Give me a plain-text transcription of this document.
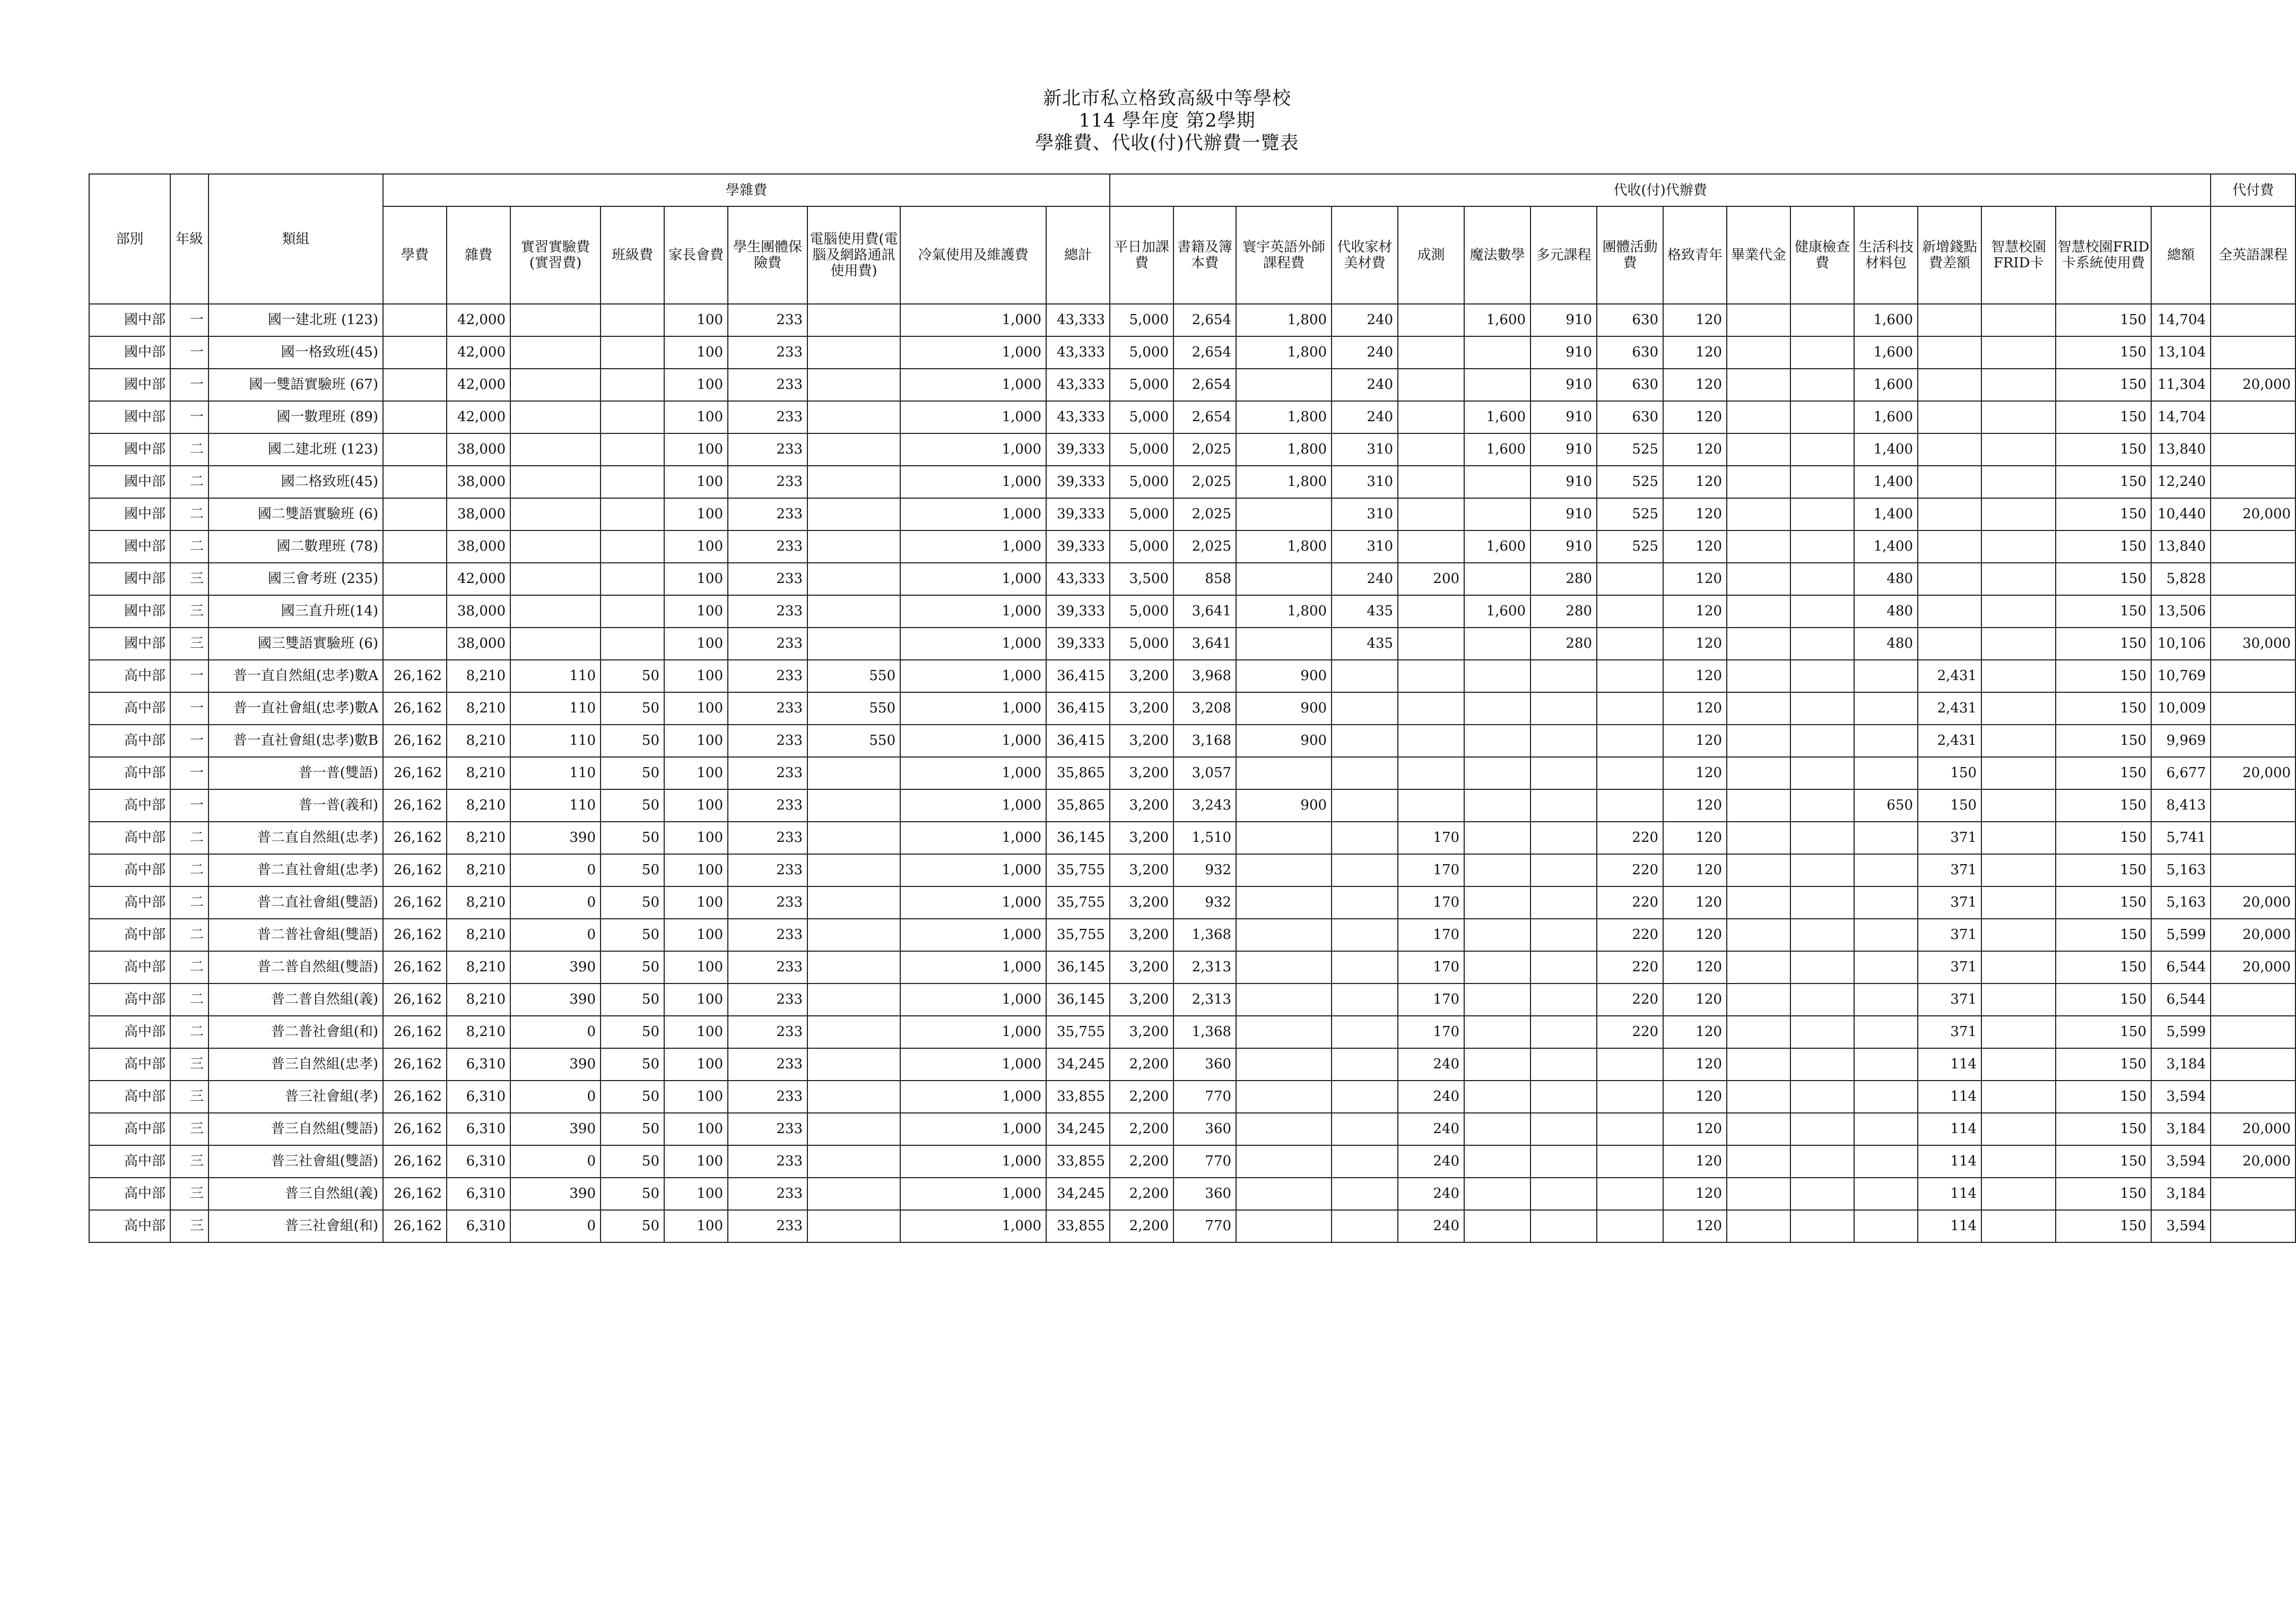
新北市私立格致高級中等學校
114 學年度 第2學期
學雜費、代收(付)代辦費一覽表
部別	年級	類組	學雜費									代收(付)代辦費																代付費
			學費	雜費	實習實驗費(實習費)	班級費	家長會費	學生團體保險費	電腦使用費(電腦及網路通訊使用費)	冷氣使用及維護費	總計	平日加課費	書籍及簿本費	寰宇英語外師課程費	代收家材美材費	成測	魔法數學	多元課程	團體活動費	格致青年	畢業代金	健康檢查費	生活科技材料包	新增錢點費差額	智慧校園FRID卡	智慧校園FRID卡系統使用費	總額	全英語課程
國中部	一	國一建北班 (123)		42,000			100	233		1,000	43,333	5,000	2,654	1,800	240		1,600	910	630	120			1,600			150	14,704	
國中部	一	國一格致班(45)		42,000			100	233		1,000	43,333	5,000	2,654	1,800	240			910	630	120			1,600			150	13,104	
國中部	一	國一雙語實驗班 (67)		42,000			100	233		1,000	43,333	5,000	2,654		240			910	630	120			1,600			150	11,304	20,000
國中部	一	國一數理班 (89)		42,000			100	233		1,000	43,333	5,000	2,654	1,800	240		1,600	910	630	120			1,600			150	14,704	
國中部	二	國二建北班 (123)		38,000			100	233		1,000	39,333	5,000	2,025	1,800	310		1,600	910	525	120			1,400			150	13,840	
國中部	二	國二格致班(45)		38,000			100	233		1,000	39,333	5,000	2,025	1,800	310			910	525	120			1,400			150	12,240	
國中部	二	國二雙語實驗班 (6)		38,000			100	233		1,000	39,333	5,000	2,025		310			910	525	120			1,400			150	10,440	20,000
國中部	二	國二數理班 (78)		38,000			100	233		1,000	39,333	5,000	2,025	1,800	310		1,600	910	525	120			1,400			150	13,840	
國中部	三	國三會考班 (235)		42,000			100	233		1,000	43,333	3,500	858		240	200		280		120			480			150	5,828	
國中部	三	國三直升班(14)		38,000			100	233		1,000	39,333	5,000	3,641	1,800	435		1,600	280		120			480			150	13,506	
國中部	三	國三雙語實驗班 (6)		38,000			100	233		1,000	39,333	5,000	3,641		435			280		120			480			150	10,106	30,000
高中部	一	普一直自然組(忠孝)數A	26,162	8,210	110	50	100	233	550	1,000	36,415	3,200	3,968	900						120				2,431		150	10,769	
高中部	一	普一直社會組(忠孝)數A	26,162	8,210	110	50	100	233	550	1,000	36,415	3,200	3,208	900						120				2,431		150	10,009	
高中部	一	普一直社會組(忠孝)數B	26,162	8,210	110	50	100	233	550	1,000	36,415	3,200	3,168	900						120				2,431		150	9,969	
高中部	一	普一普(雙語)	26,162	8,210	110	50	100	233		1,000	35,865	3,200	3,057							120				150		150	6,677	20,000
高中部	一	普一普(義和)	26,162	8,210	110	50	100	233		1,000	35,865	3,200	3,243	900						120			650	150		150	8,413	
高中部	二	普二直自然組(忠孝)	26,162	8,210	390	50	100	233		1,000	36,145	3,200	1,510			170			220	120				371		150	5,741	
高中部	二	普二直社會組(忠孝)	26,162	8,210	0	50	100	233		1,000	35,755	3,200	932			170			220	120				371		150	5,163	
高中部	二	普二直社會組(雙語)	26,162	8,210	0	50	100	233		1,000	35,755	3,200	932			170			220	120				371		150	5,163	20,000
高中部	二	普二普社會組(雙語)	26,162	8,210	0	50	100	233		1,000	35,755	3,200	1,368			170			220	120				371		150	5,599	20,000
高中部	二	普二普自然組(雙語)	26,162	8,210	390	50	100	233		1,000	36,145	3,200	2,313			170			220	120				371		150	6,544	20,000
高中部	二	普二普自然組(義)	26,162	8,210	390	50	100	233		1,000	36,145	3,200	2,313			170			220	120				371		150	6,544	
高中部	二	普二普社會組(和)	26,162	8,210	0	50	100	233		1,000	35,755	3,200	1,368			170			220	120				371		150	5,599	
高中部	三	普三自然組(忠孝)	26,162	6,310	390	50	100	233		1,000	34,245	2,200	360			240				120				114		150	3,184	
高中部	三	普三社會組(孝)	26,162	6,310	0	50	100	233		1,000	33,855	2,200	770			240				120				114		150	3,594	
高中部	三	普三自然組(雙語)	26,162	6,310	390	50	100	233		1,000	34,245	2,200	360			240				120				114		150	3,184	20,000
高中部	三	普三社會組(雙語)	26,162	6,310	0	50	100	233		1,000	33,855	2,200	770			240				120				114		150	3,594	20,000
高中部	三	普三自然組(義)	26,162	6,310	390	50	100	233		1,000	34,245	2,200	360			240				120				114		150	3,184	
高中部	三	普三社會組(和)	26,162	6,310	0	50	100	233		1,000	33,855	2,200	770			240				120				114		150	3,594	
